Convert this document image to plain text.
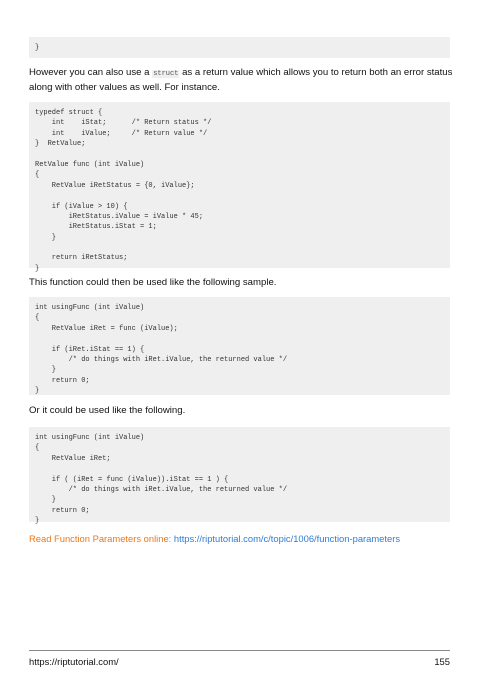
}
However you can also use a struct as a return value which allows you to return both an error status along with other values as well. For instance.
typedef struct {
int    iStat;      /* Return status */
int    iValue;     /* Return value */
}  RetValue;
RetValue func (int iValue)
{
RetValue iRetStatus = {0, iValue};
if (iValue > 10) {
iRetStatus.iValue = iValue * 45;
iRetStatus.iStat = 1;
}
return iRetStatus;
}
This function could then be used like the following sample.
int usingFunc (int iValue)
{
RetValue iRet = func (iValue);
if (iRet.iStat == 1) {
/* do things with iRet.iValue, the returned value */
}
return 0;
}
Or it could be used like the following.
int usingFunc (int iValue)
{
RetValue iRet;
if ( (iRet = func (iValue)).iStat == 1 ) {
/* do things with iRet.iValue, the returned value */
}
return 0;
}
Read Function Parameters online: https://riptutorial.com/c/topic/1006/function-parameters
https://riptutorial.com/	155
